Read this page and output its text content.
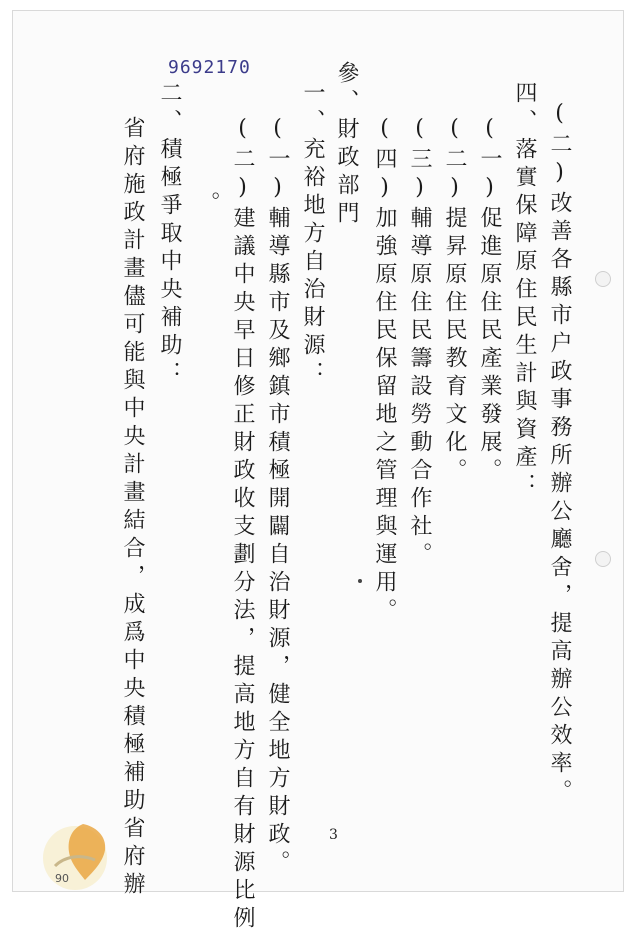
9692170
(二)改善各縣市户政事務所辦公廳舍，提高辦公效率。
四、落實保障原住民生計與資產：
(一)促進原住民產業發展。
(二)提昇原住民教育文化。
(三)輔導原住民籌設勞動合作社。
(四)加強原住民保留地之管理與運用。
參、財政部門
一、充裕地方自治財源：
(一)輔導縣市及鄉鎮市積極開闢自治財源，健全地方財政。
(二)建議中央早日修正財政收支劃分法，提高地方自有財源比例
。
二、積極爭取中央補助：
省府施政計畫儘可能與中央計畫結合，成爲中央積極補助省府辦	3
90
